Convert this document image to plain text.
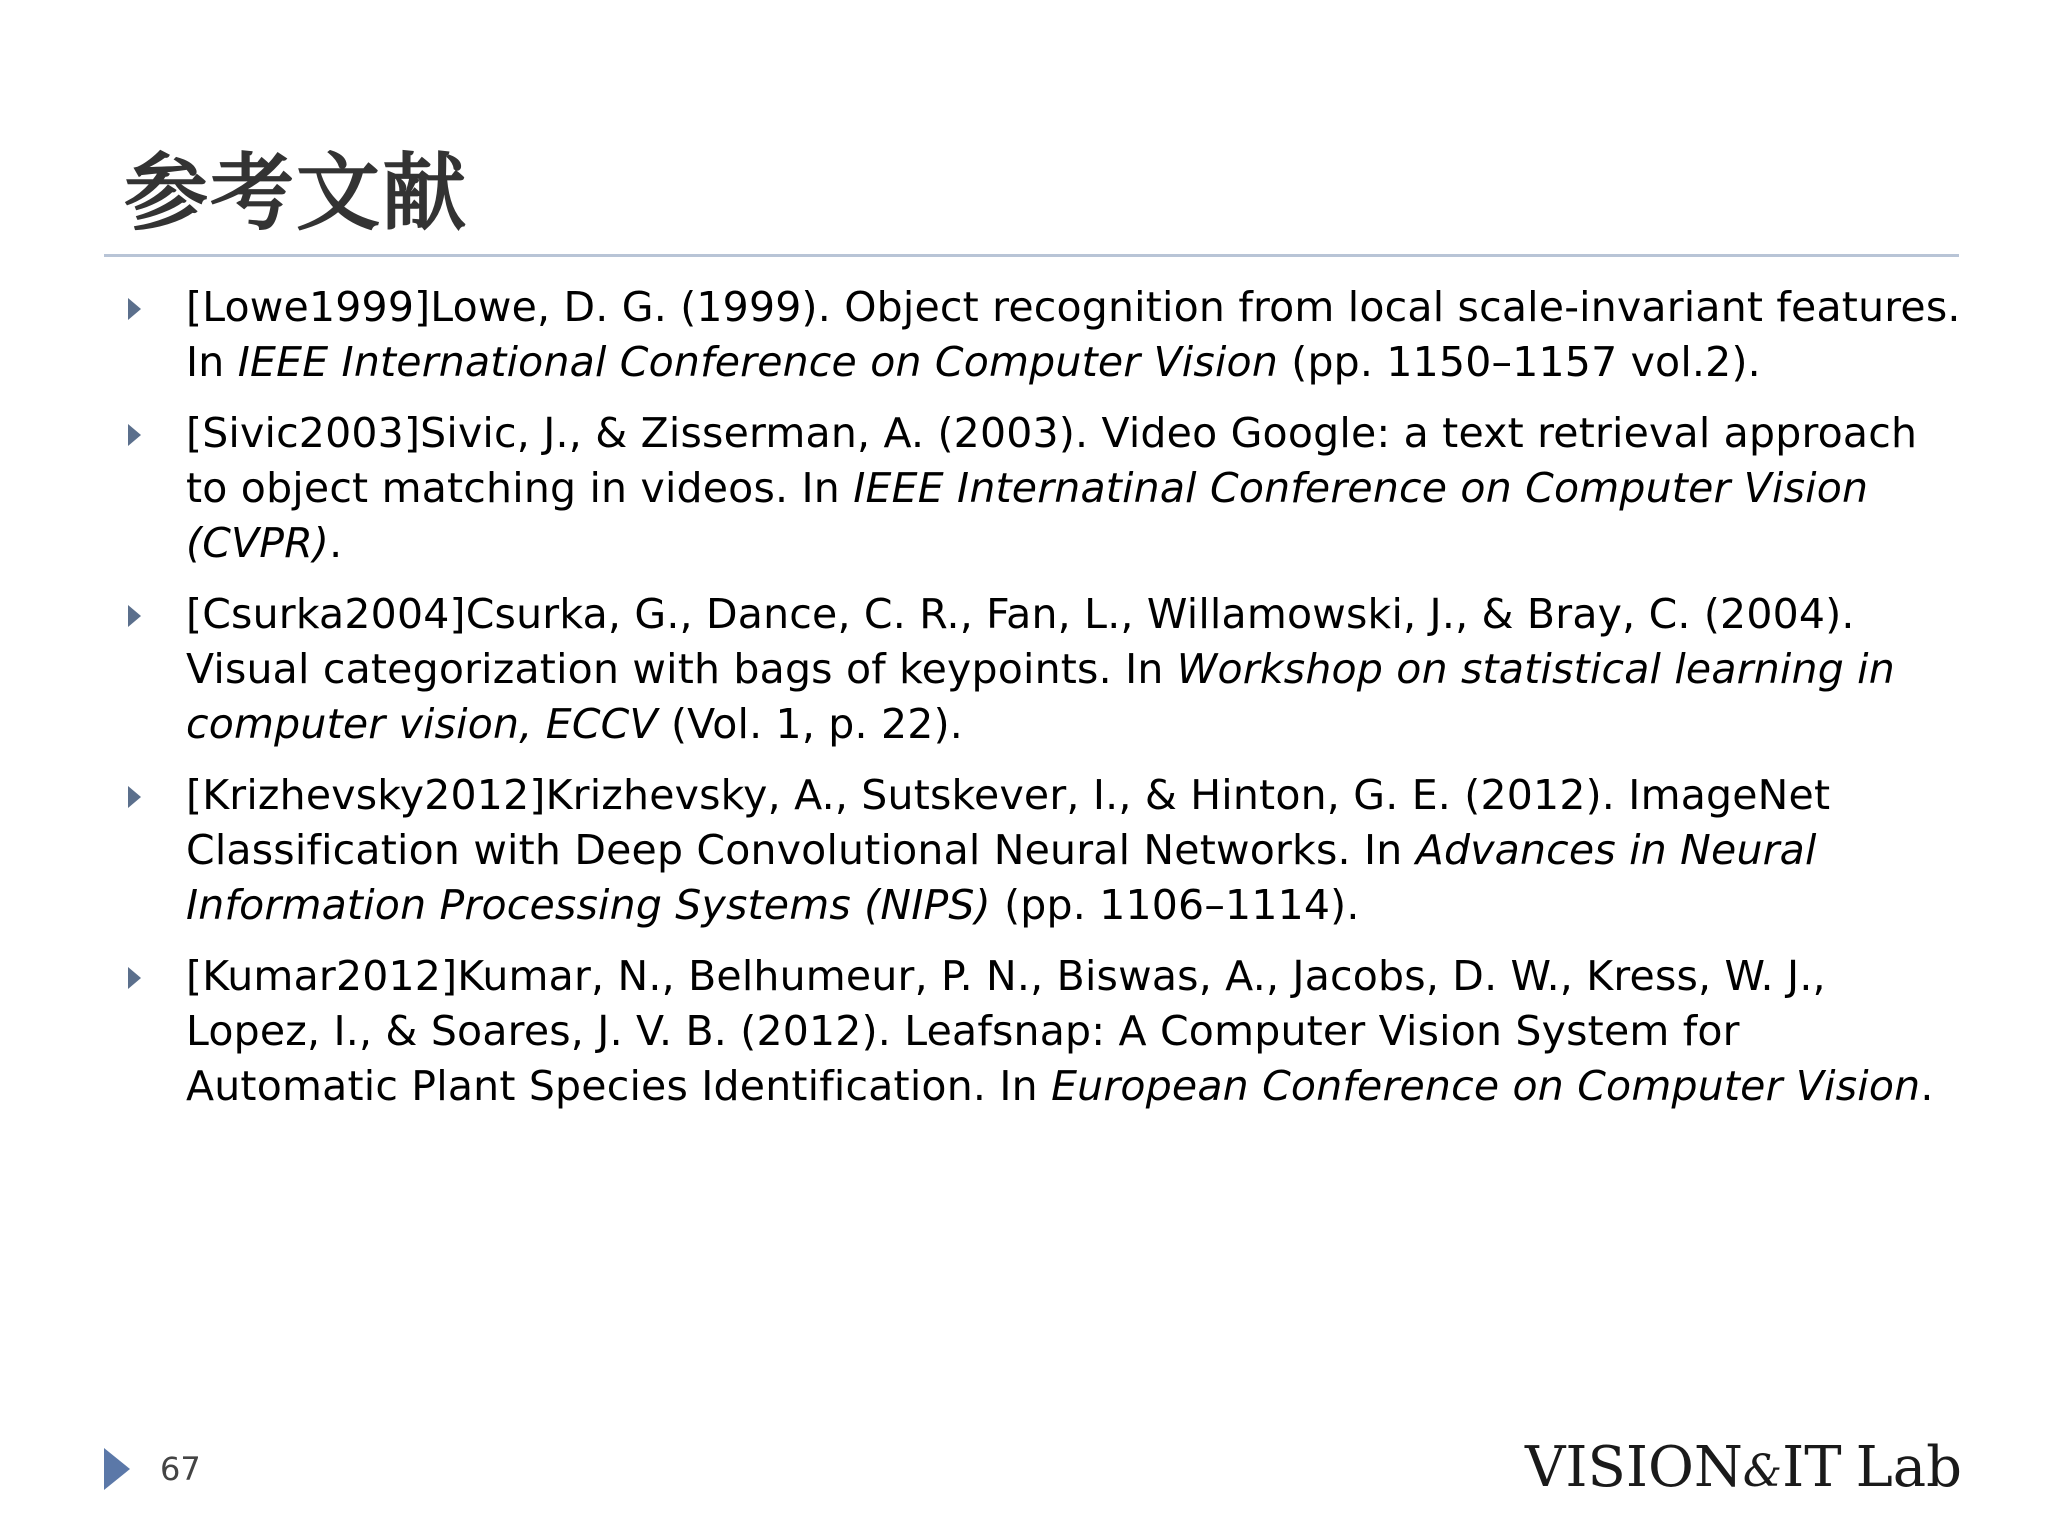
参考文献
[Lowe1999]Lowe, D. G. (1999). Object recognition from local scale-invariant features. In IEEE International Conference on Computer Vision (pp. 1150–1157 vol.2).
[Sivic2003]Sivic, J., & Zisserman, A. (2003). Video Google: a text retrieval approach to object matching in videos. In IEEE Internatinal Conference on Computer Vision (CVPR).
[Csurka2004]Csurka, G., Dance, C. R., Fan, L., Willamowski, J., & Bray, C. (2004). Visual categorization with bags of keypoints. In Workshop on statistical learning in computer vision, ECCV (Vol. 1, p. 22).
[Krizhevsky2012]Krizhevsky, A., Sutskever, I., & Hinton, G. E. (2012). ImageNet Classification with Deep Convolutional Neural Networks. In Advances in Neural Information Processing Systems (NIPS) (pp. 1106–1114).
[Kumar2012]Kumar, N., Belhumeur, P. N., Biswas, A., Jacobs, D. W., Kress, W. J., Lopez, I., & Soares, J. V. B. (2012). Leafsnap: A Computer Vision System for Automatic Plant Species Identification. In European Conference on Computer Vision.
67	VISION&IT Lab
